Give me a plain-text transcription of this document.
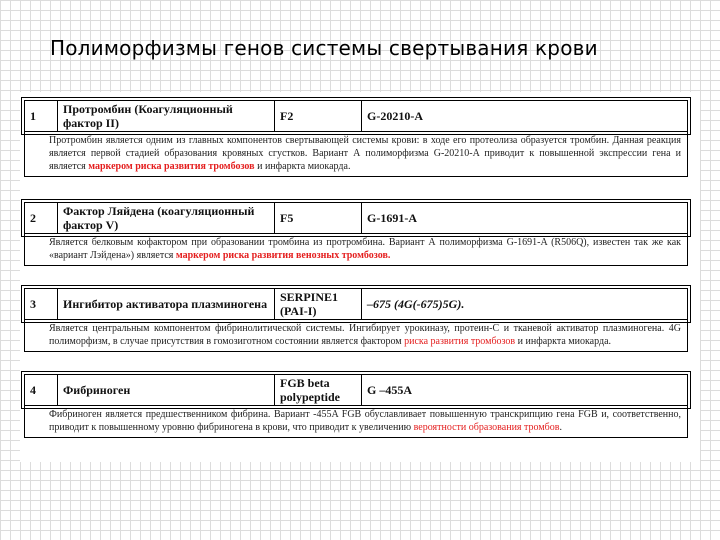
Полиморфизмы генов системы свертывания крови
1	Протромбин (Коагуляционный фактор II)	F2	G-20210-A
Протромбин является одним из главных компонентов свертывающей системы крови: в ходе его протеолиза образуется тромбин. Данная реакция является первой стадией образования кровяных сгустков. Вариант А полиморфизма G-20210-A приводит к повышенной экспрессии гена и является маркером риска развития тромбозов и инфаркта миокарда.
2	Фактор Ляйдена (коагуляционный фактор V)	F5	G-1691-A
Является белковым кофактором при образовании тромбина из протромбина. Вариант А полиморфизма G-1691-A (R506Q), известен так же как «вариант Лэйдена») является маркером риска развития венозных тромбозов.
3	Ингибитор активатора плазминогена	SERPINE1 (PAI-I)	–675 (4G(-675)5G).
Является центральным компонентом фибринолитической системы. Ингибирует урокиназу, протеин-С и тканевой активатор плазминогена. 4G полиморфизм, в случае присутствия в гомозиготном состоянии является фактором риска развития тромбозов и инфаркта миокарда.
4	Фибриноген	FGB beta polypeptide	G –455A
Фибриноген является предшественником фибрина. Вариант -455A FGB обуславливает повышенную транскрипцию гена FGB и, соответственно, приводит к повышенному уровню фибриногена в крови, что приводит к увеличению вероятности образования тромбов.
